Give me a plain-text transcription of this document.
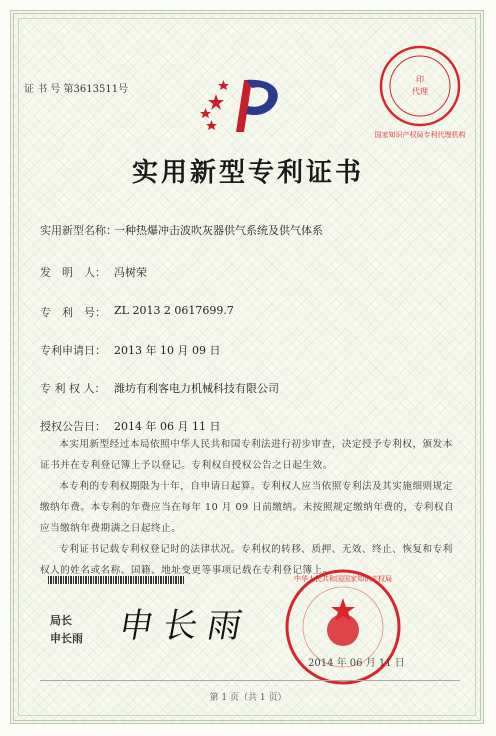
证 书 号 第3613511号
印
代理
国家知识产权局专利代理机构
实用新型专利证书
实用新型名称：
一种热爆冲击波吹灰器供气系统及供气体系
发　明　人： 冯树荣
专　利　号： ZL 2013 2 0617699.7
专利申请日： 2013 年 10 月 09 日
专 利 权 人： 潍坊有利客电力机械科技有限公司
授权公告日： 2014 年 06 月 11 日

本实用新型经过本局依照中华人民共和国专利法进行初步审查，决定授予专利权，颁发本证书并在专利登记簿上予以登记。专利权自授权公告之日起生效。

本专利的专利权期限为十年，自申请日起算。专利权人应当依照专利法及其实施细则规定缴纳年费。本专利的年费应当在每年 10 月 09 日前缴纳。未按照规定缴纳年费的，专利权自应当缴纳年费期满之日起终止。

专利证书记载专利权登记时的法律状况。专利权的转移、质押、无效、终止、恢复和专利权人的姓名或名称、国籍、地址变更等事项记载在专利登记簿上。

局长
申长雨 申长雨
中华人民共和国国家知识产权局
2014 年 06 月 11 日
第 1 页（共 1 页）
